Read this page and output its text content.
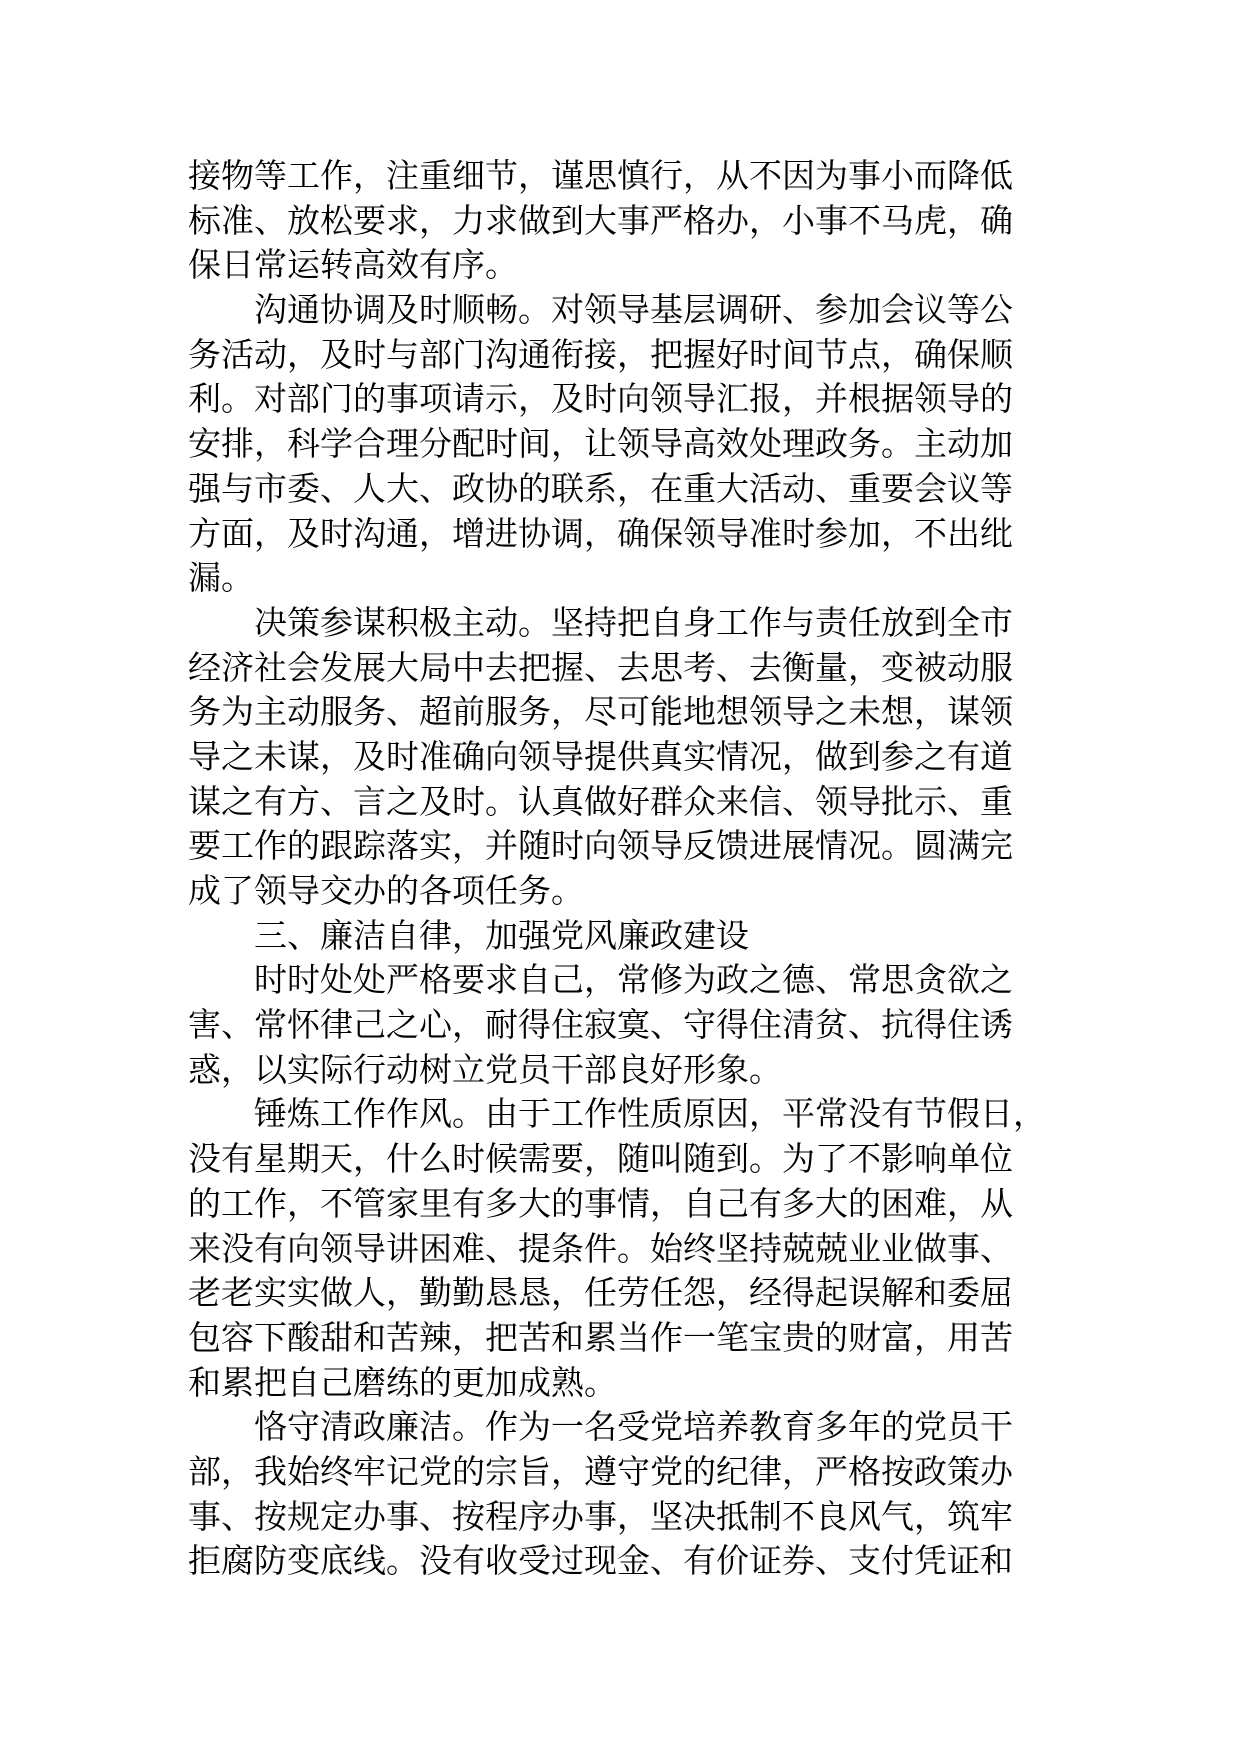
接物等工作，注重细节，谨思慎行，从不因为事小而降低
标准、放松要求，力求做到大事严格办，小事不马虎，确
保日常运转高效有序。
沟通协调及时顺畅。对领导基层调研、参加会议等公
务活动，及时与部门沟通衔接，把握好时间节点，确保顺
利。对部门的事项请示，及时向领导汇报，并根据领导的
安排，科学合理分配时间，让领导高效处理政务。主动加
强与市委、人大、政协的联系，在重大活动、重要会议等
方面，及时沟通，增进协调，确保领导准时参加，不出纰
漏。
决策参谋积极主动。坚持把自身工作与责任放到全市
经济社会发展大局中去把握、去思考、去衡量，变被动服
务为主动服务、超前服务，尽可能地想领导之未想，谋领
导之未谋，及时准确向领导提供真实情况，做到参之有道
谋之有方、言之及时。认真做好群众来信、领导批示、重
要工作的跟踪落实，并随时向领导反馈进展情况。圆满完
成了领导交办的各项任务。
三、廉洁自律，加强党风廉政建设
时时处处严格要求自己，常修为政之德、常思贪欲之
害、常怀律己之心，耐得住寂寞、守得住清贫、抗得住诱
惑，以实际行动树立党员干部良好形象。
锤炼工作作风。由于工作性质原因，平常没有节假日，
没有星期天，什么时候需要，随叫随到。为了不影响单位
的工作，不管家里有多大的事情，自己有多大的困难，从
来没有向领导讲困难、提条件。始终坚持兢兢业业做事、
老老实实做人，勤勤恳恳，任劳任怨，经得起误解和委屈
包容下酸甜和苦辣，把苦和累当作一笔宝贵的财富，用苦
和累把自己磨练的更加成熟。
恪守清政廉洁。作为一名受党培养教育多年的党员干
部，我始终牢记党的宗旨，遵守党的纪律，严格按政策办
事、按规定办事、按程序办事，坚决抵制不良风气，筑牢
拒腐防变底线。没有收受过现金、有价证券、支付凭证和
